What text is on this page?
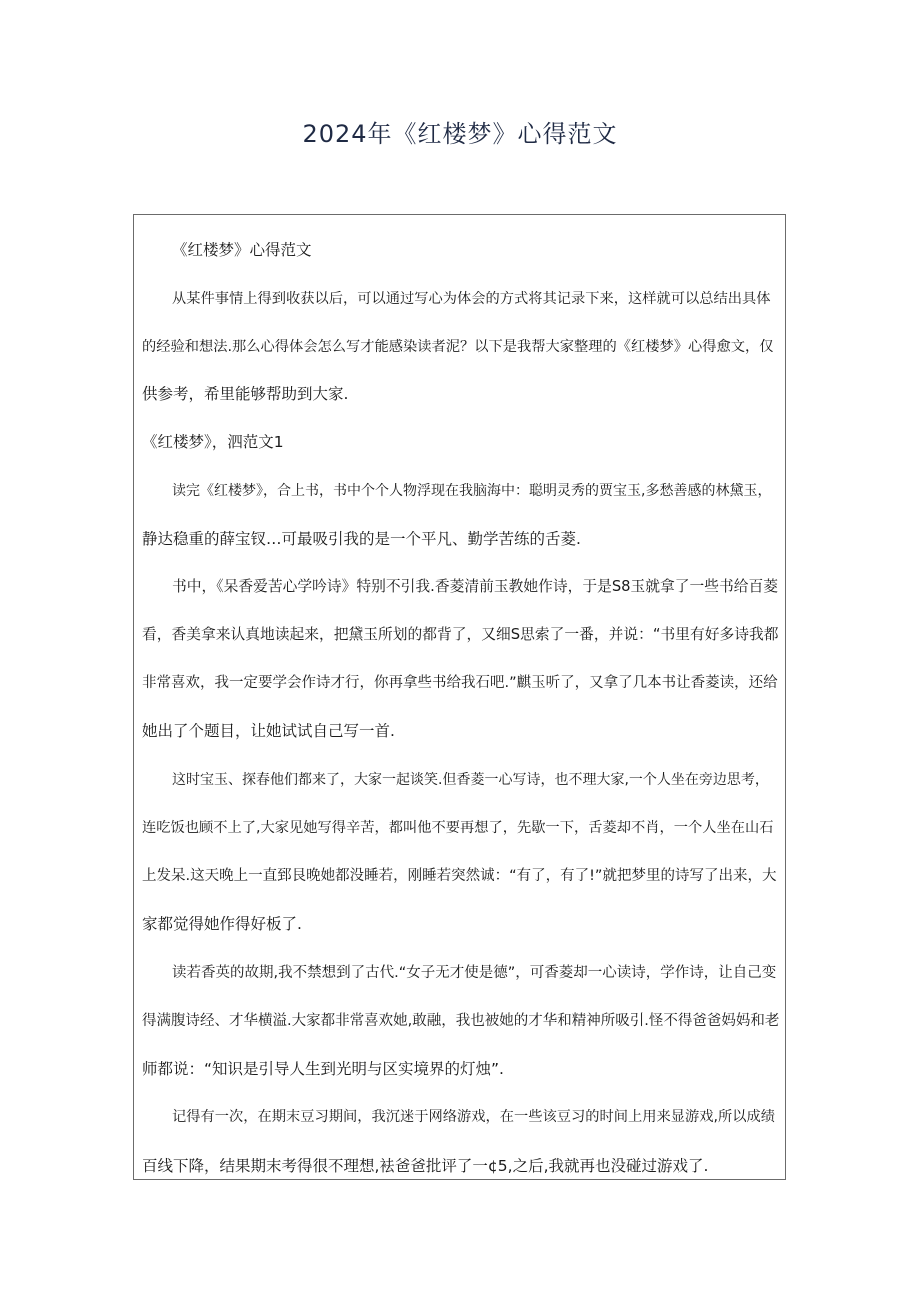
2024年《红楼梦》心得范文
《红楼梦》心得范文
从某件事情上得到收获以后，可以通过写心为体会的方式将其记录下来，这样就可以总结出具体
的经验和想法.那么心得体会怎么写才能感染读者泥？以下是我帮大家整理的《红楼梦》心得愈文，仅
供参考，希里能够帮助到大家.
《红楼梦》，泗范文1
读完《红楼梦》，合上书，书中个个人物浮现在我脑海中：聪明灵秀的贾宝玉,多愁善感的林黛玉，
静达稳重的薛宝钗…可最吸引我的是一个平凡、勤学苦练的舌菱.
书中，《呆香爱苦心学吟诗》特别不引我.香菱清前玉教她作诗，于是S8玉就拿了一些书给百菱
看，香美拿来认真地读起来，把黛玉所划的都背了，又细S思索了一番，并说：“书里有好多诗我都
非常喜欢，我一定要学会作诗才行，你再拿些书给我石吧.”麒玉听了，又拿了几本书让香菱读，还给
她出了个题目，让她试试自己写一首.
这时宝玉、探春他们都来了，大家一起谈笑.但香菱一心写诗，也不理大家,一个人坐在旁边思考，
连吃饭也顾不上了,大家见她写得辛苦，都叫他不要再想了，先歇一下，舌菱却不肖，一个人坐在山石
上发呆.这天晚上一直郅艮晚她都没睡若，刚睡若突然诚：“有了，有了!”就把梦里的诗写了出来，大
家都觉得她作得好板了.
读若香英的故期,我不禁想到了古代.“女子无才使是德”，可香菱却一心读诗，学作诗，让自己变
得满腹诗经、才华横溢.大家都非常喜欢她,敢融，我也被她的才华和精神所吸引.怪不得爸爸妈妈和老
师都说：“知识是引导人生到光明与区实境界的灯烛”.
记得有一次，在期末豆习期间，我沉迷于网络游戏，在一些该豆习的时间上用来显游戏,所以成绩
百线下降，结果期末考得很不理想,袪爸爸批评了一¢5,之后,我就再也没碰过游戏了.
